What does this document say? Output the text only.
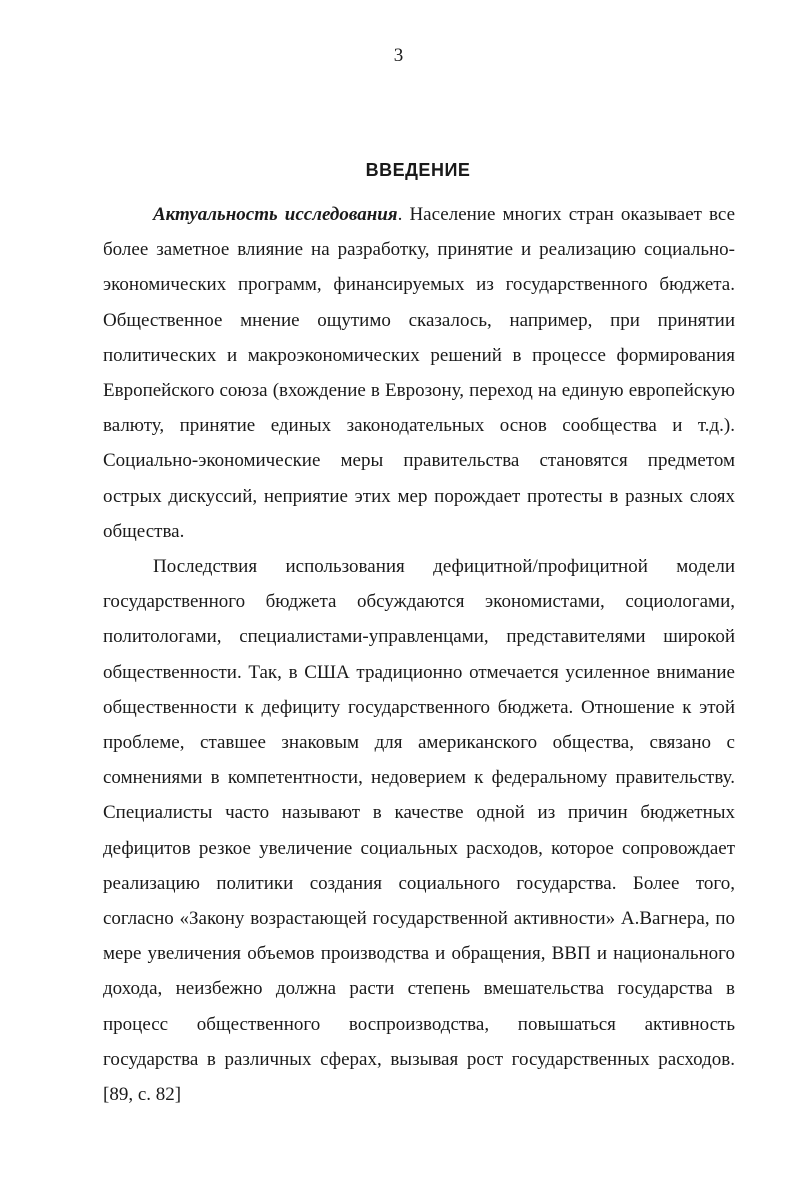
3
ВВЕДЕНИЕ

Актуальность исследования. Население многих стран оказывает все более заметное влияние на разработку, принятие и реализацию социально-экономических программ, финансируемых из государственного бюджета. Общественное мнение ощутимо сказалось, например, при принятии политических и макроэкономических решений в процессе формирования Европейского союза (вхождение в Еврозону, переход на единую европейскую валюту, принятие единых законодательных основ сообщества и т.д.). Социально-экономические меры правительства становятся предметом острых дискуссий, неприятие этих мер порождает протесты в разных слоях общества.

Последствия использования дефицитной/профицитной модели государственного бюджета обсуждаются экономистами, социологами, политологами, специалистами-управленцами, представителями широкой общественности. Так, в США традиционно отмечается усиленное внимание общественности к дефициту государственного бюджета. Отношение к этой проблеме, ставшее знаковым для американского общества, связано с сомнениями в компетентности, недоверием к федеральному правительству. Специалисты часто называют в качестве одной из причин бюджетных дефицитов резкое увеличение социальных расходов, которое сопровождает реализацию политики создания социального государства. Более того, согласно «Закону возрастающей государственной активности» А.Вагнера, по мере увеличения объемов производства и обращения, ВВП и национального дохода, неизбежно должна расти степень вмешательства государства в процесс общественного воспроизводства, повышаться активность государства в различных сферах, вызывая рост государственных расходов. [89, с. 82]
